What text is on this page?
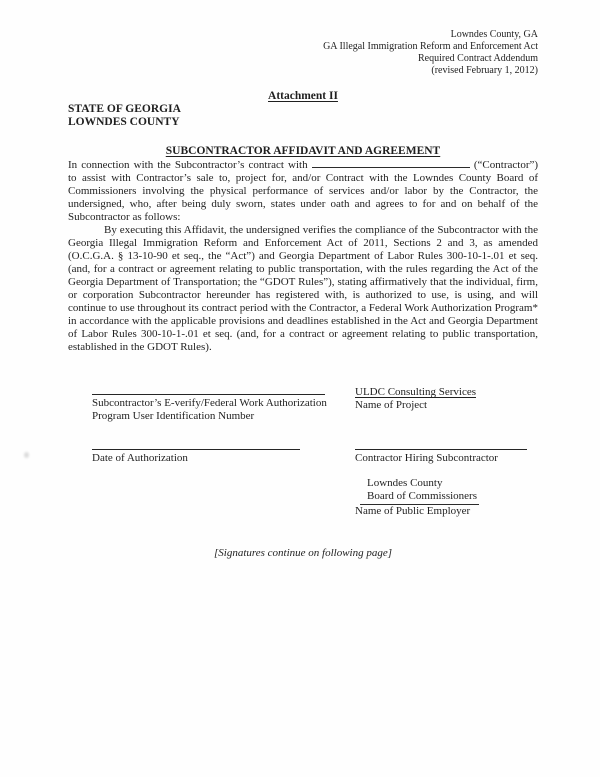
Lowndes County, GA
GA Illegal Immigration Reform and Enforcement Act
Required Contract Addendum
(revised February 1, 2012)
Attachment II
STATE OF GEORGIA
LOWNDES COUNTY
SUBCONTRACTOR AFFIDAVIT AND AGREEMENT

In connection with the Subcontractor’s contract with	(“Contractor”) to assist with Contractor’s sale to, project for, and/or Contract with the Lowndes County Board of Commissioners involving the physical performance of services and/or labor by the Contractor, the undersigned, who, after being duly sworn, states under oath and agrees to for and on behalf of the Subcontractor as follows:

By executing this Affidavit, the undersigned verifies the compliance of the Subcontractor with the Georgia Illegal Immigration Reform and Enforcement Act of 2011, Sections 2 and 3, as amended (O.C.G.A. § 13-10-90 et seq., the “Act”) and Georgia Department of Labor Rules 300-10-1-.01 et seq. (and, for a contract or agreement relating to public transportation, with the rules regarding the Act of the Georgia Department of Transportation; the “GDOT Rules”), stating affirmatively that the individual, firm, or corporation Subcontractor hereunder has registered with, is authorized to use, is using, and will continue to use throughout its contract period with the Contractor, a Federal Work Authorization Program* in accordance with the applicable provisions and deadlines established in the Act and Georgia Department of Labor Rules 300-10-1-.01 et seq. (and, for a contract or agreement relating to public transportation, established in the GDOT Rules).

Subcontractor’s E-verify/Federal Work Authorization
Program User Identification Number
ULDC Consulting Services
Name of Project
Date of Authorization	Contractor Hiring Subcontractor
Lowndes County
Board of Commissioners
Name of Public Employer
[Signatures continue on following page]
